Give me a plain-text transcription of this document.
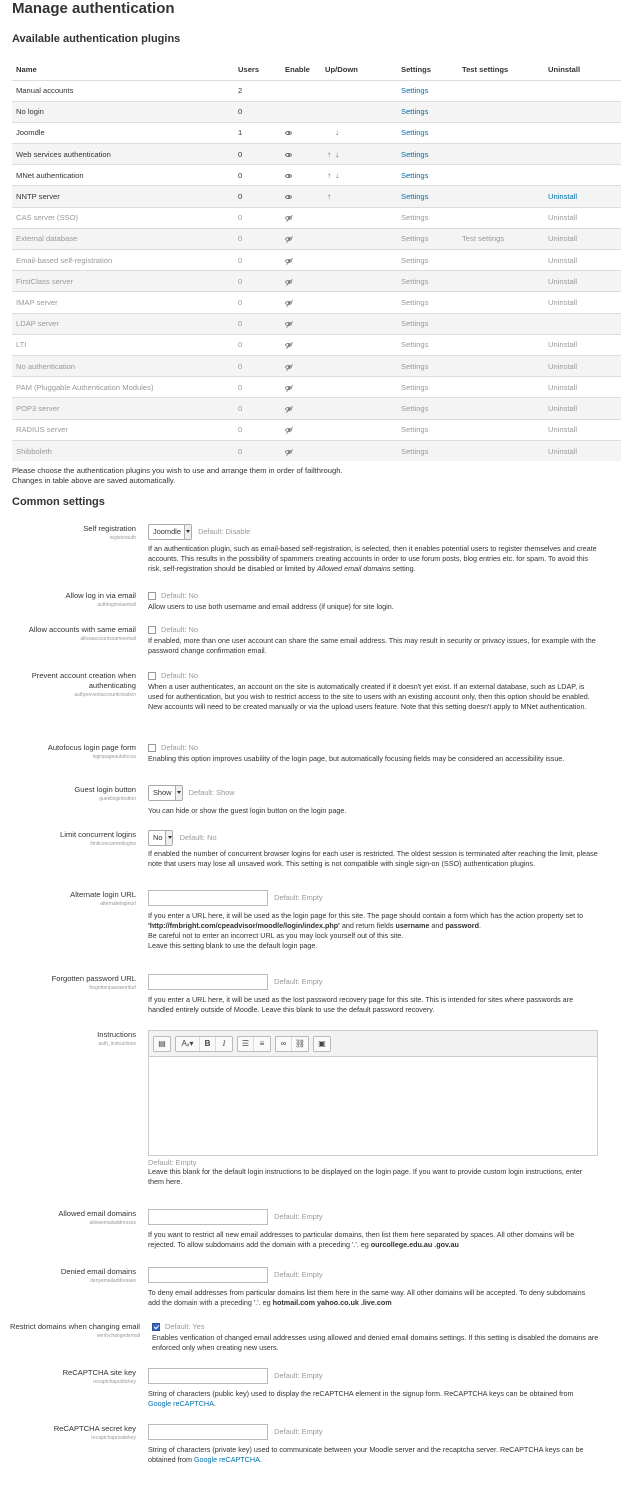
Manage authentication
Available authentication plugins
Name	Users	Enable	Up/Down	Settings	Test settings	Uninstall
Manual accounts	2			Settings		
No login	0			Settings		
Joomdle	1		↓	Settings		
Web services authentication	0		↑ ↓	Settings		
MNet authentication	0		↑ ↓	Settings		
NNTP server	0		↑	Settings		Uninstall
CAS server (SSO)	0			Settings		Uninstall
External database	0			Settings	Test settings	Uninstall
Email-based self-registration	0			Settings		Uninstall
FirstClass server	0			Settings		Uninstall
IMAP server	0			Settings		Uninstall
LDAP server	0			Settings		
LTI	0			Settings		Uninstall
No authentication	0			Settings		Uninstall
PAM (Pluggable Authentication Modules)	0			Settings		Uninstall
POP3 server	0			Settings		Uninstall
RADIUS server	0			Settings		Uninstall
Shibboleth	0			Settings		Uninstall
Please choose the authentication plugins you wish to use and arrange them in order of failthrough.
Changes in table above are saved automatically.
Common settings
Self registration
registerauth
Joomdle Default: Disable
If an authentication plugin, such as email-based self-registration, is selected, then it enables potential users to register themselves and create accounts. This results in the possibility of spammers creating accounts in order to use forum posts, blog entries etc. for spam. To avoid this risk, self-registration should be disabled or limited by Allowed email domains setting.
Allow log in via email
authloginviaemail
Default: No
Allow users to use both username and email address (if unique) for site login.
Allow accounts with same email
allowaccountssameemail
Default: No
If enabled, more than one user account can share the same email address. This may result in security or privacy issues, for example with the password change confirmation email.
Prevent account creation when
authenticating
authpreventaccountcreation
Default: No
When a user authenticates, an account on the site is automatically created if it doesn't yet exist. If an external database, such as LDAP, is used for authentication, but you wish to restrict access to the site to users with an existing account only, then this option should be enabled. New accounts will need to be created manually or via the upload users feature. Note that this setting doesn't apply to MNet authentication.
Autofocus login page form
loginpageautofocus
Default: No
Enabling this option improves usability of the login page, but automatically focusing fields may be considered an accessibility issue.
Guest login button
guestloginbutton
Show Default: Show
You can hide or show the guest login button on the login page.
Limit concurrent logins
limitconcurrentlogins
No Default: No
If enabled the number of concurrent browser logins for each user is restricted. The oldest session is terminated after reaching the limit, please note that users may lose all unsaved work. This setting is not compatible with single sign-on (SSO) authentication plugins.
Alternate login URL
alternateloginurl
Default: Empty
If you enter a URL here, it will be used as the login page for this site. The page should contain a form which has the action property set to 'http://fmbright.com/cpeadvisor/moodle/login/index.php' and return fields username and password.
Be careful not to enter an incorrect URL as you may lock yourself out of this site.
Leave this setting blank to use the default login page.
Forgotten password URL
forgottenpasswordurl
Default: Empty
If you enter a URL here, it will be used as the lost password recovery page for this site. This is intended for sites where passwords are handled entirely outside of Moodle. Leave this blank to use the default password recovery.
Instructions
auth_instructions	▤	Aₓ▾	B	I	☰	≡	∞	⛓	▣
Default: Empty
Leave this blank for the default login instructions to be displayed on the login page. If you want to provide custom login instructions, enter them here.
Allowed email domains
allowemailaddresses
Default: Empty
If you want to restrict all new email addresses to particular domains, then list them here separated by spaces. All other domains will be rejected. To allow subdomains add the domain with a preceding '.'. eg ourcollege.edu.au .gov.au
Denied email domains
denyemailaddresses
Default: Empty
To deny email addresses from particular domains list them here in the same way. All other domains will be accepted. To deny subdomains add the domain with a preceding '.'. eg hotmail.com yahoo.co.uk .live.com
Restrict domains when changing email
verifychangedemail
Default: Yes
Enables verification of changed email addresses using allowed and denied email domains settings. If this setting is disabled the domains are enforced only when creating new users.
ReCAPTCHA site key
recaptchapublickey
Default: Empty
String of characters (public key) used to display the reCAPTCHA element in the signup form. ReCAPTCHA keys can be obtained from Google reCAPTCHA.
ReCAPTCHA secret key
recaptchaprivatekey
Default: Empty
String of characters (private key) used to communicate between your Moodle server and the recaptcha server. ReCAPTCHA keys can be obtained from Google reCAPTCHA.
